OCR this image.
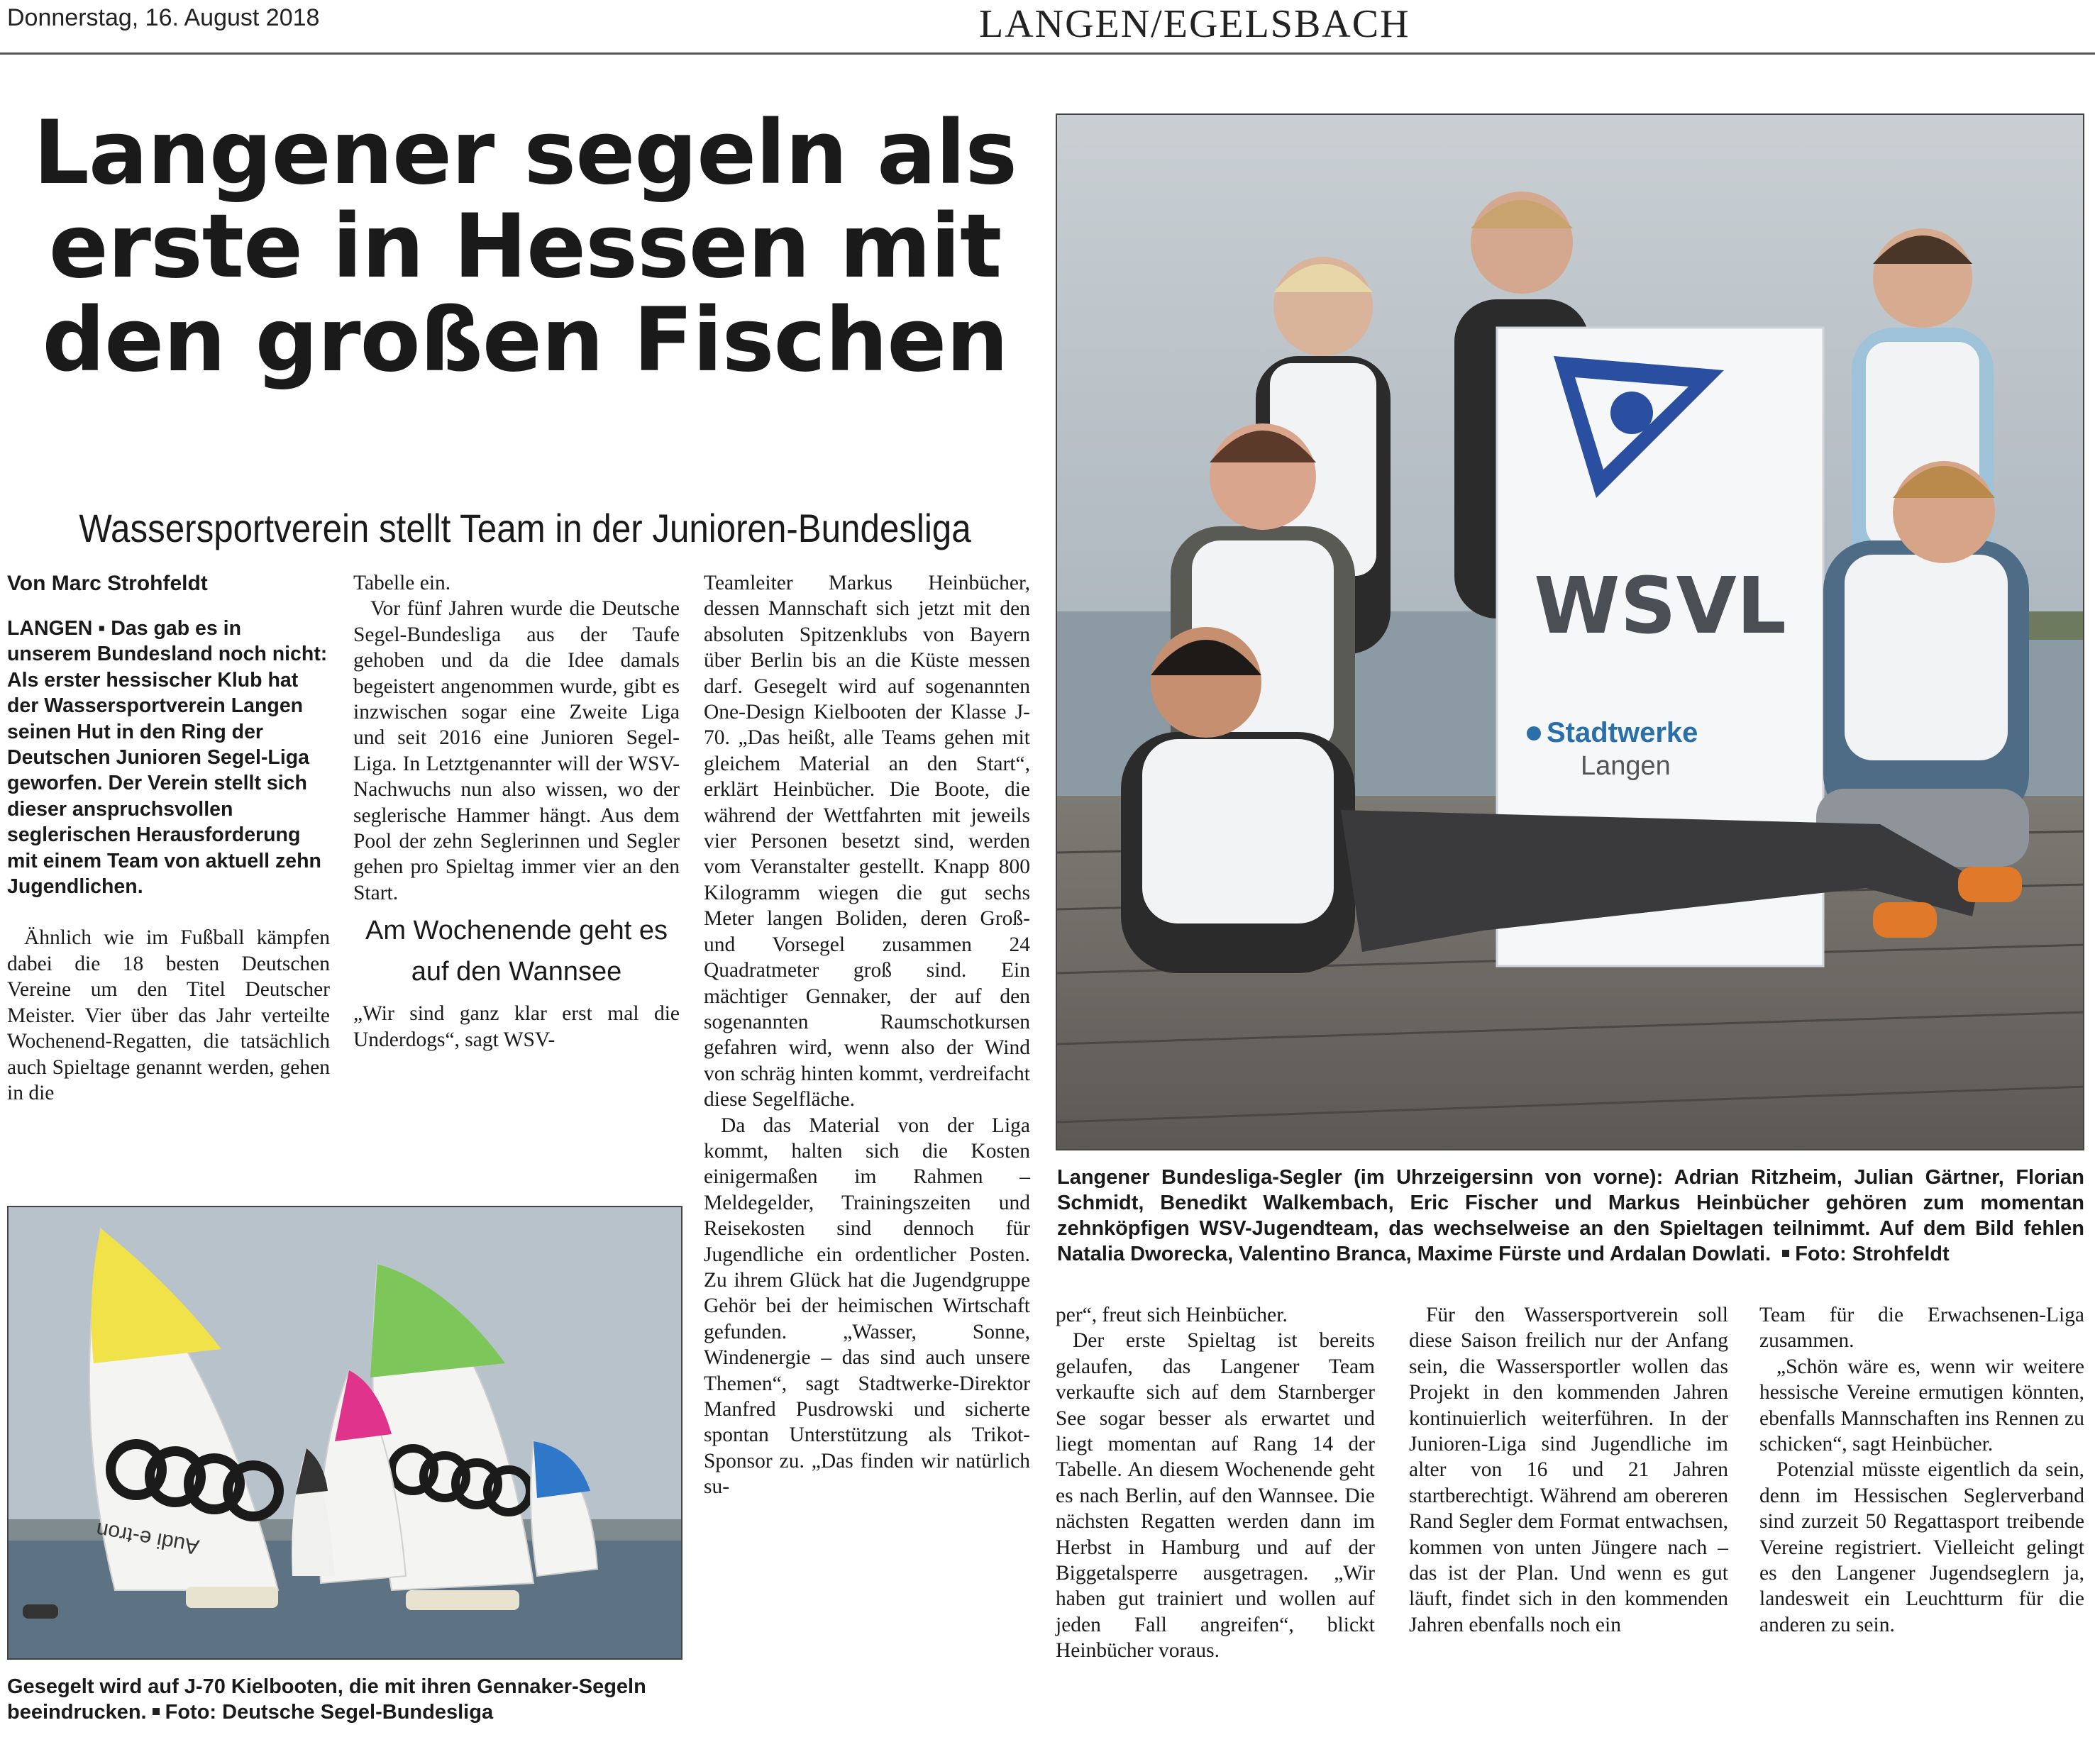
Donnerstag, 16. August 2018	LANGEN/EGELSBACH
Langener segeln als
erste in Hessen mit
den großen Fischen
Wassersportverein stellt Team in der Junioren-Bundesliga
Von Marc Strohfeldt

LANGEN ▪ Das gab es in unserem Bundesland noch nicht: Als erster hessischer Klub hat der Wassersportverein Langen seinen Hut in den Ring der Deutschen Junioren Segel-Liga geworfen. Der Verein stellt sich dieser anspruchsvollen seglerischen Herausforderung mit einem Team von aktuell zehn Jugendlichen.

Ähnlich wie im Fußball kämpfen dabei die 18 besten Deutschen Vereine um den Titel Deutscher Meister. Vier über das Jahr verteilte Wochenend-Regatten, die tatsächlich auch Spieltage genannt werden, gehen in die

Tabelle ein.

Vor fünf Jahren wurde die Deutsche Segel-Bundesliga aus der Taufe gehoben und da die Idee damals begeistert angenommen wurde, gibt es inzwischen sogar eine Zweite Liga und seit 2016 eine Junioren Segel-Liga. In Letztgenannter will der WSV-Nachwuchs nun also wissen, wo der seglerische Hammer hängt. Aus dem Pool der zehn Seglerinnen und Segler gehen pro Spieltag immer vier an den Start.

Am Wochenende geht es auf den Wannsee

„Wir sind ganz klar erst mal die Underdogs“, sagt WSV-

Teamleiter Markus Heinbücher, dessen Mannschaft sich jetzt mit den absoluten Spitzenklubs von Bayern über Berlin bis an die Küste messen darf. Gesegelt wird auf sogenannten One-Design Kielbooten der Klasse J-70. „Das heißt, alle Teams gehen mit gleichem Material an den Start“, erklärt Heinbücher. Die Boote, die während der Wettfahrten mit jeweils vier Personen besetzt sind, werden vom Veranstalter gestellt. Knapp 800 Kilogramm wiegen die gut sechs Meter langen Boliden, deren Groß- und Vorsegel zusammen 24 Quadratmeter groß sind. Ein mächtiger Gennaker, der auf den sogenannten Raumschotkursen gefahren wird, wenn also der Wind von schräg hinten kommt, verdreifacht diese Segelfläche.

Da das Material von der Liga kommt, halten sich die Kosten einigermaßen im Rahmen – Meldegelder, Trainingszeiten und Reisekosten sind dennoch für Jugendliche ein ordentlicher Posten. Zu ihrem Glück hat die Jugendgruppe Gehör bei der heimischen Wirtschaft gefunden. „Wasser, Sonne, Windenergie – das sind auch unsere Themen“, sagt Stadtwerke-Direktor Manfred Pusdrowski und sicherte spontan Unterstützung als Trikot-Sponsor zu. „Das finden wir natürlich su-

WSVL
Stadtwerke
Langen
Langener Bundesliga-Segler (im Uhrzeigersinn von vorne): Adrian Ritzheim, Julian Gärtner, Florian Schmidt, Benedikt Walkembach, Eric Fischer und Markus Heinbücher gehören zum momentan zehnköpfigen WSV-Jugendteam, das wechselweise an den Spieltagen teilnimmt. Auf dem Bild fehlen Natalia Dworecka, Valentino Branca, Maxime Fürste und Ardalan Dowlati. Foto: Strohfeldt
Audi e-tron
Gesegelt wird auf J-70 Kielbooten, die mit ihren Gennaker-Segeln beeindrucken. Foto: Deutsche Segel-Bundesliga

per“, freut sich Heinbücher.

Der erste Spieltag ist bereits gelaufen, das Langener Team verkaufte sich auf dem Starnberger See sogar besser als erwartet und liegt momentan auf Rang 14 der Tabelle. An diesem Wochenende geht es nach Berlin, auf den Wannsee. Die nächsten Regatten werden dann im Herbst in Hamburg und auf der Biggetalsperre ausgetragen. „Wir haben gut trainiert und wollen auf jeden Fall angreifen“, blickt Heinbücher voraus.

Für den Wassersportverein soll diese Saison freilich nur der Anfang sein, die Wassersportler wollen das Projekt in den kommenden Jahren kontinuierlich weiterführen. In der Junioren-Liga sind Jugendliche im alter von 16 und 21 Jahren startberechtigt. Während am obereren Rand Segler dem Format entwachsen, kommen von unten Jüngere nach – das ist der Plan. Und wenn es gut läuft, findet sich in den kommenden Jahren ebenfalls noch ein

Team für die Erwachsenen-Liga zusammen.

„Schön wäre es, wenn wir weitere hessische Vereine ermutigen könnten, ebenfalls Mannschaften ins Rennen zu schicken“, sagt Heinbücher.

Potenzial müsste eigentlich da sein, denn im Hessischen Seglerverband sind zurzeit 50 Regattasport treibende Vereine registriert. Vielleicht gelingt es den Langener Jugendseglern ja, landesweit ein Leuchtturm für die anderen zu sein.
